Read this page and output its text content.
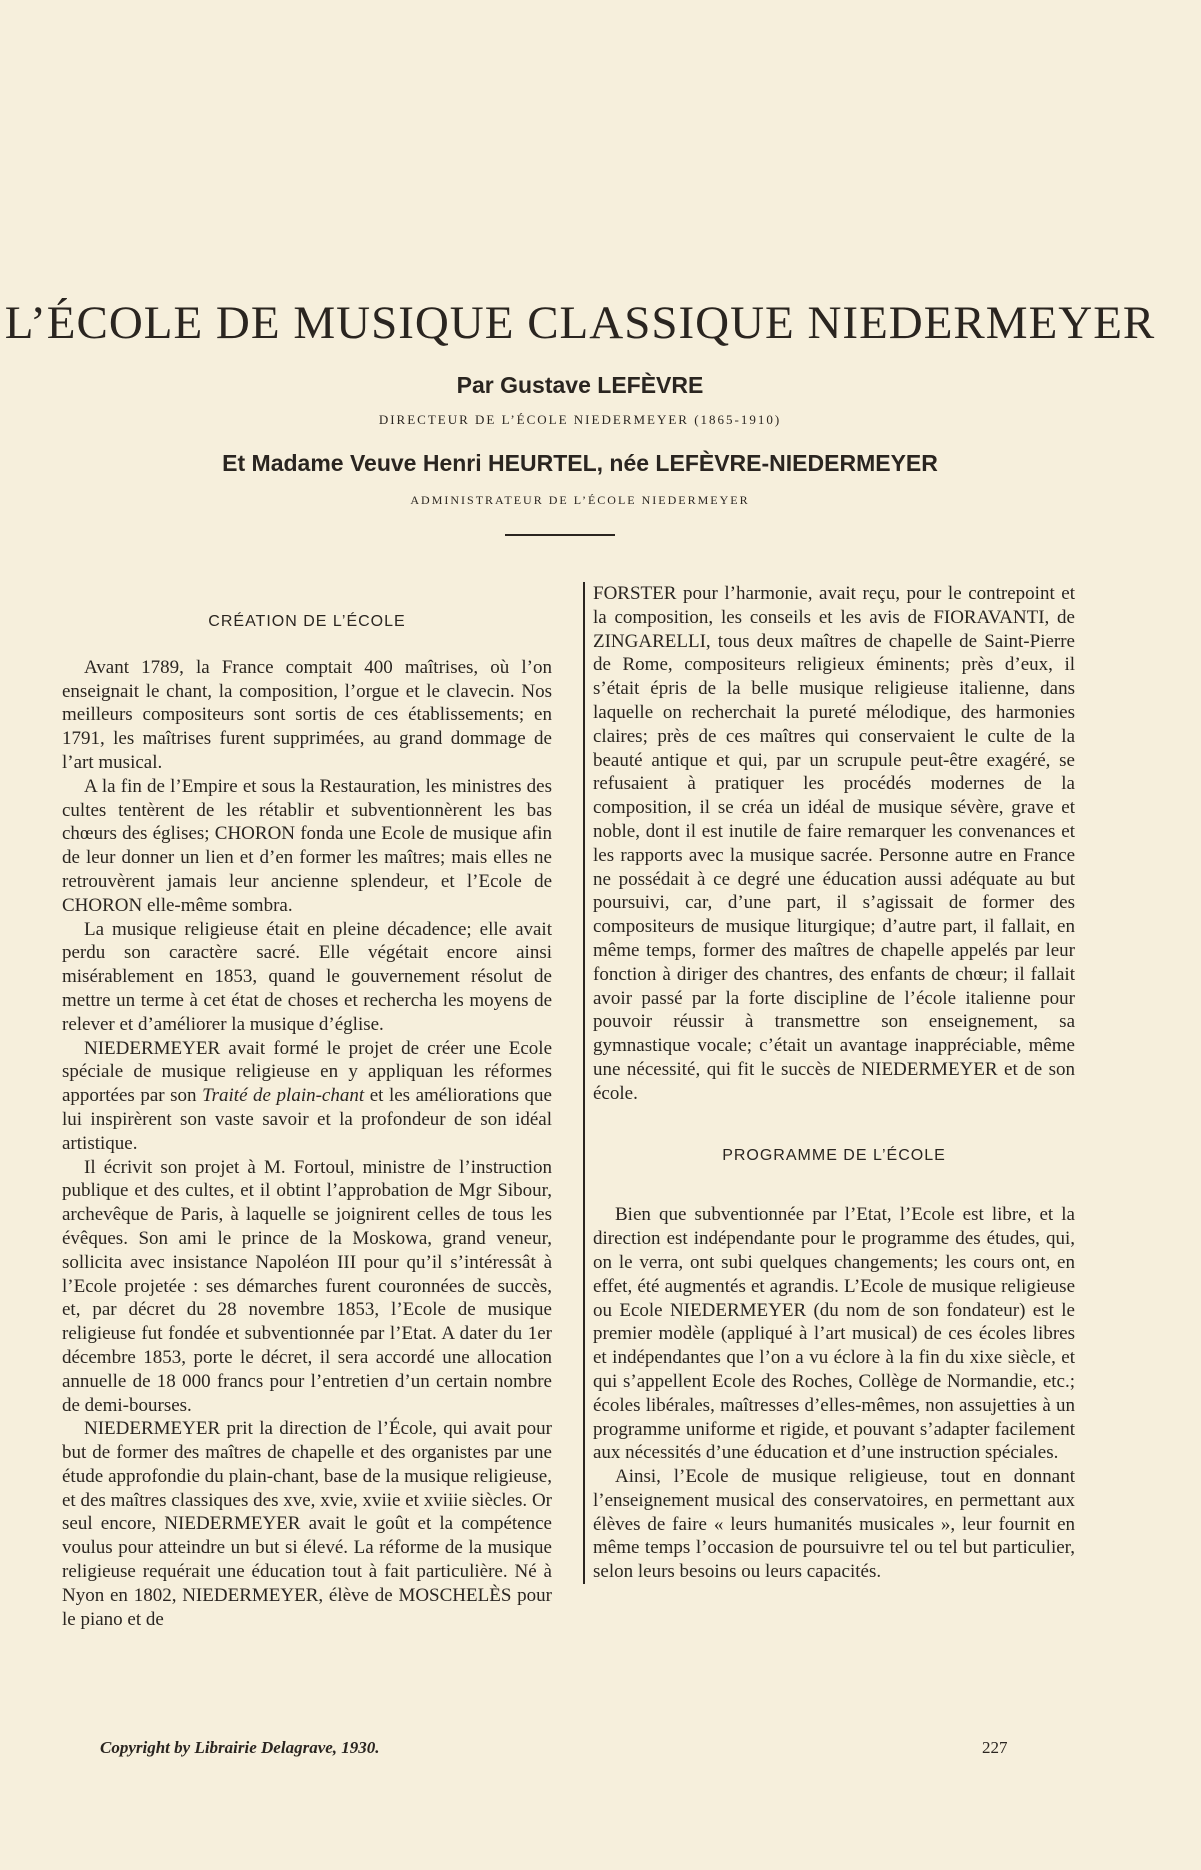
L’ÉCOLE DE MUSIQUE CLASSIQUE NIEDERMEYER
Par Gustave LEFÈVRE
DIRECTEUR DE L’ÉCOLE NIEDERMEYER (1865-1910)
Et Madame Veuve Henri HEURTEL, née LEFÈVRE-NIEDERMEYER
ADMINISTRATEUR DE L’ÉCOLE NIEDERMEYER
CRÉATION DE L’ÉCOLE

Avant 1789, la France comptait 400 maîtrises, où l’on enseignait le chant, la composition, l’orgue et le clavecin. Nos meilleurs compositeurs sont sortis de ces établissements; en 1791, les maîtrises furent supprimées, au grand dommage de l’art musical.

A la fin de l’Empire et sous la Restauration, les ministres des cultes tentèrent de les rétablir et subventionnèrent les bas chœurs des églises; CHORON fonda une Ecole de musique afin de leur donner un lien et d’en former les maîtres; mais elles ne retrouvèrent jamais leur ancienne splendeur, et l’Ecole de CHORON elle-même sombra.

La musique religieuse était en pleine décadence; elle avait perdu son caractère sacré. Elle végétait encore ainsi misérablement en 1853, quand le gouvernement résolut de mettre un terme à cet état de choses et rechercha les moyens de relever et d’améliorer la musique d’église.

NIEDERMEYER avait formé le projet de créer une Ecole spéciale de musique religieuse en y appliquan les réformes apportées par son Traité de plain-chant et les améliorations que lui inspirèrent son vaste savoir et la profondeur de son idéal artistique.

Il écrivit son projet à M. Fortoul, ministre de l’instruction publique et des cultes, et il obtint l’approbation de Mgr Sibour, archevêque de Paris, à laquelle se joignirent celles de tous les évêques. Son ami le prince de la Moskowa, grand veneur, sollicita avec insistance Napoléon III pour qu’il s’intéressât à l’Ecole projetée : ses démarches furent couronnées de succès, et, par décret du 28 novembre 1853, l’Ecole de musique religieuse fut fondée et subventionnée par l’Etat. A dater du 1er décembre 1853, porte le décret, il sera accordé une allocation annuelle de 18 000 francs pour l’entretien d’un certain nombre de demi-bourses.

NIEDERMEYER prit la direction de l’École, qui avait pour but de former des maîtres de chapelle et des organistes par une étude approfondie du plain-chant, base de la musique religieuse, et des maîtres classiques des xve, xvie, xviie et xviiie siècles. Or seul encore, NIEDERMEYER avait le goût et la compétence voulus pour atteindre un but si élevé. La réforme de la musique religieuse requérait une éducation tout à fait particulière. Né à Nyon en 1802, NIEDERMEYER, élève de MOSCHELÈS pour le piano et de

FORSTER pour l’harmonie, avait reçu, pour le contrepoint et la composition, les conseils et les avis de FIORAVANTI, de ZINGARELLI, tous deux maîtres de chapelle de Saint-Pierre de Rome, compositeurs religieux éminents; près d’eux, il s’était épris de la belle musique religieuse italienne, dans laquelle on recherchait la pureté mélodique, des harmonies claires; près de ces maîtres qui conservaient le culte de la beauté antique et qui, par un scrupule peut-être exagéré, se refusaient à pratiquer les procédés modernes de la composition, il se créa un idéal de musique sévère, grave et noble, dont il est inutile de faire remarquer les convenances et les rapports avec la musique sacrée. Personne autre en France ne possédait à ce degré une éducation aussi adéquate au but poursuivi, car, d’une part, il s’agissait de former des compositeurs de musique liturgique; d’autre part, il fallait, en même temps, former des maîtres de chapelle appelés par leur fonction à diriger des chantres, des enfants de chœur; il fallait avoir passé par la forte discipline de l’école italienne pour pouvoir réussir à transmettre son enseignement, sa gymnastique vocale; c’était un avantage inappréciable, même une nécessité, qui fit le succès de NIEDERMEYER et de son école.

PROGRAMME DE L’ÉCOLE

Bien que subventionnée par l’Etat, l’Ecole est libre, et la direction est indépendante pour le programme des études, qui, on le verra, ont subi quelques changements; les cours ont, en effet, été augmentés et agrandis. L’Ecole de musique religieuse ou Ecole NIEDERMEYER (du nom de son fondateur) est le premier modèle (appliqué à l’art musical) de ces écoles libres et indépendantes que l’on a vu éclore à la fin du xixe siècle, et qui s’appellent Ecole des Roches, Collège de Normandie, etc.; écoles libérales, maîtresses d’elles-mêmes, non assujetties à un programme uniforme et rigide, et pouvant s’adapter facilement aux nécessités d’une éducation et d’une instruction spéciales.

Ainsi, l’Ecole de musique religieuse, tout en donnant l’enseignement musical des conservatoires, en permettant aux élèves de faire « leurs humanités musicales », leur fournit en même temps l’occasion de poursuivre tel ou tel but particulier, selon leurs besoins ou leurs capacités.

Copyright by Librairie Delagrave, 1930.	227
